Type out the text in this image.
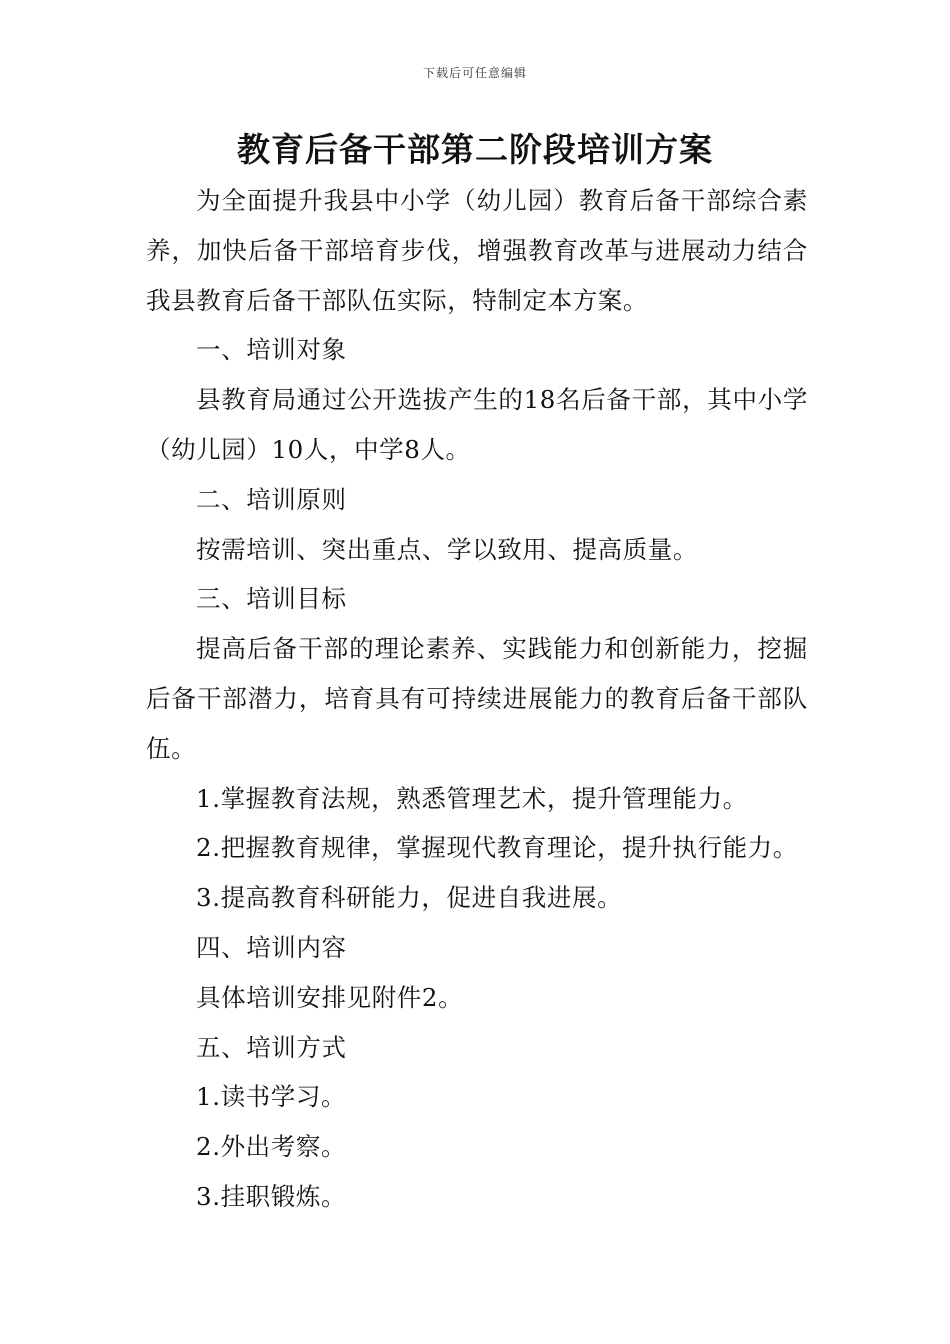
下载后可任意编辑
教育后备干部第二阶段培训方案

为全面提升我县中小学（幼儿园）教育后备干部综合素养，加快后备干部培育步伐，增强教育改革与进展动力结合我县教育后备干部队伍实际，特制定本方案。

一、培训对象

县教育局通过公开选拔产生的18名后备干部，其中小学（幼儿园）10人，中学8人。

二、培训原则

按需培训、突出重点、学以致用、提高质量。

三、培训目标

提高后备干部的理论素养、实践能力和创新能力，挖掘后备干部潜力，培育具有可持续进展能力的教育后备干部队伍。

1.掌握教育法规，熟悉管理艺术，提升管理能力。

2.把握教育规律，掌握现代教育理论，提升执行能力。

3.提高教育科研能力，促进自我进展。

四、培训内容

具体培训安排见附件2。

五、培训方式

1.读书学习。

2.外出考察。

3.挂职锻炼。
